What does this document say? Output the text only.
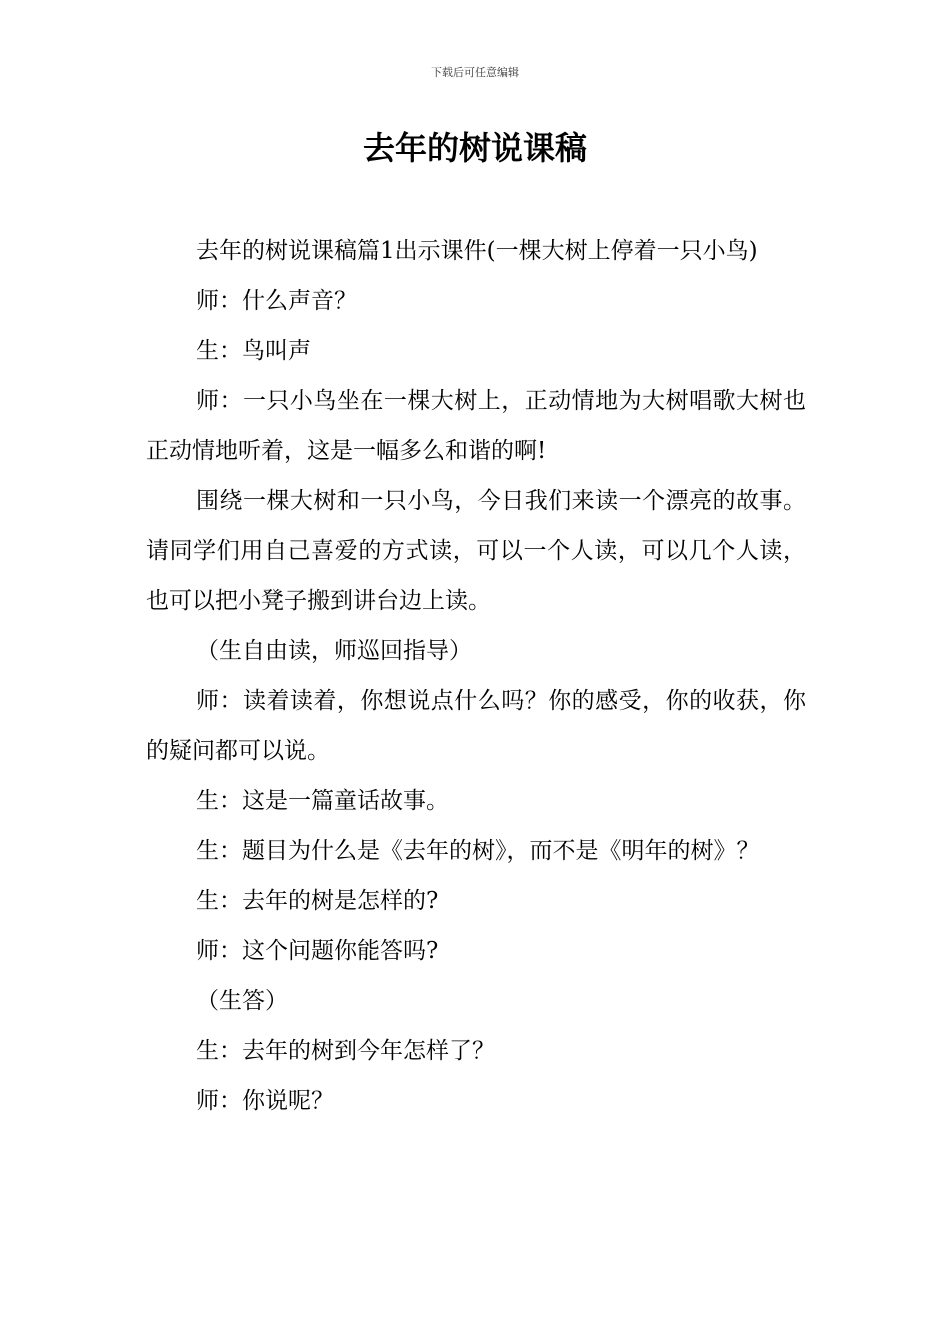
下载后可任意编辑
去年的树说课稿

去年的树说课稿篇1出示课件(一棵大树上停着一只小鸟)

师：什么声音？

生：鸟叫声

师：一只小鸟坐在一棵大树上，正动情地为大树唱歌大树也正动情地听着，这是一幅多么和谐的啊!

围绕一棵大树和一只小鸟，今日我们来读一个漂亮的故事。请同学们用自己喜爱的方式读，可以一个人读，可以几个人读，也可以把小凳子搬到讲台边上读。

（生自由读，师巡回指导）

师：读着读着，你想说点什么吗？你的感受，你的收获，你的疑问都可以说。

生：这是一篇童话故事。

生：题目为什么是《去年的树》，而不是《明年的树》？

生：去年的树是怎样的?

师：这个问题你能答吗?

（生答）

生：去年的树到今年怎样了？

师：你说呢？
